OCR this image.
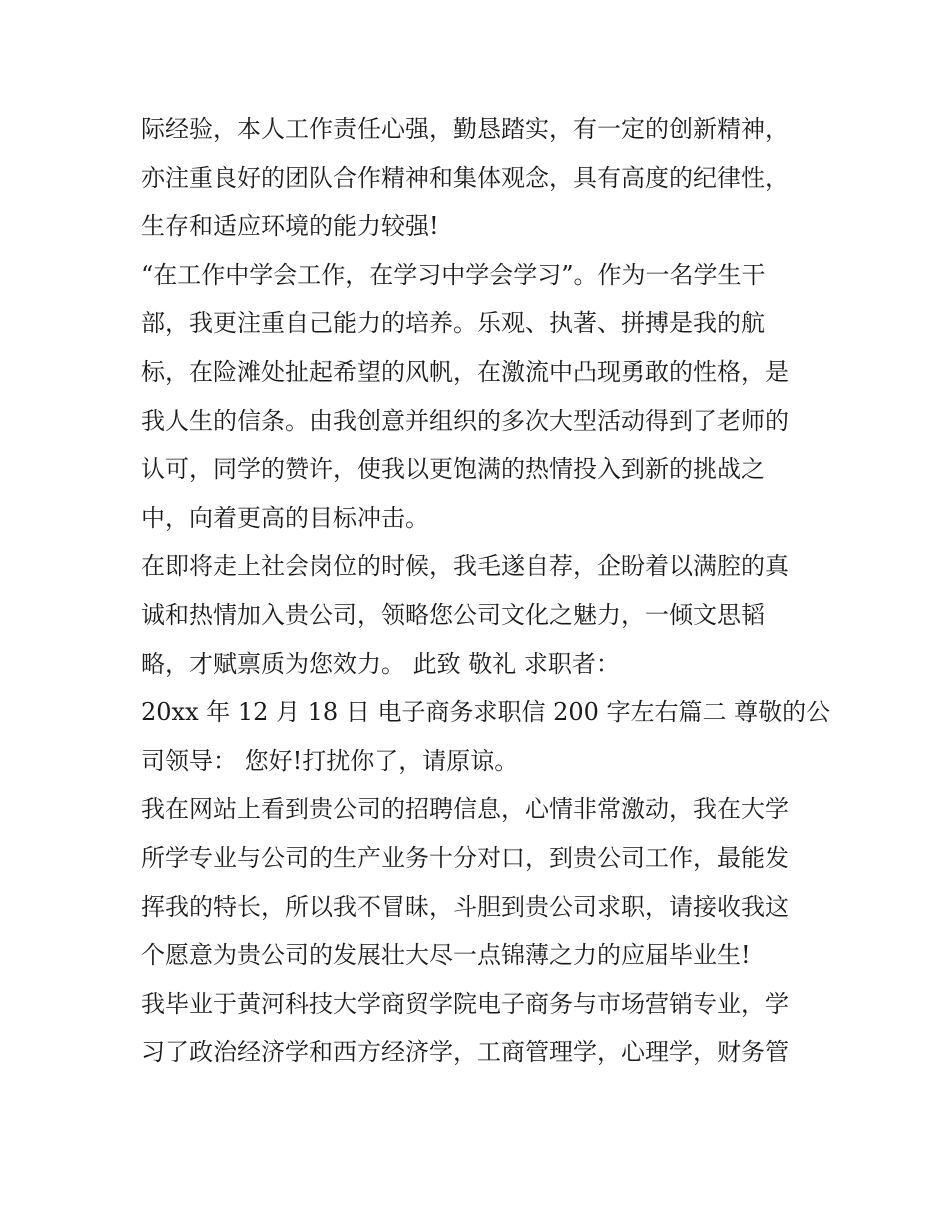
际经验，本人工作责任心强，勤恳踏实，有一定的创新精神，

亦注重良好的团队合作精神和集体观念，具有高度的纪律性，

生存和适应环境的能力较强!

“在工作中学会工作，在学习中学会学习”。作为一名学生干

部，我更注重自己能力的培养。乐观、执著、拼搏是我的航

标，在险滩处扯起希望的风帆，在激流中凸现勇敢的性格，是

我人生的信条。由我创意并组织的多次大型活动得到了老师的

认可，同学的赞许，使我以更饱满的热情投入到新的挑战之

中，向着更高的目标冲击。

在即将走上社会岗位的时候，我毛遂自荐，企盼着以满腔的真

诚和热情加入贵公司，领略您公司文化之魅力，一倾文思韬

略，才赋禀质为您效力。 此致 敬礼 求职者：

20xx 年 12 月 18 日 电子商务求职信 200 字左右篇二 尊敬的公

司领导： 您好!打扰你了，请原谅。

我在网站上看到贵公司的招聘信息，心情非常激动，我在大学

所学专业与公司的生产业务十分对口，到贵公司工作，最能发

挥我的特长，所以我不冒昧，斗胆到贵公司求职，请接收我这

个愿意为贵公司的发展壮大尽一点锦薄之力的应届毕业生!

我毕业于黄河科技大学商贸学院电子商务与市场营销专业，学

习了政治经济学和西方经济学，工商管理学，心理学，财务管
